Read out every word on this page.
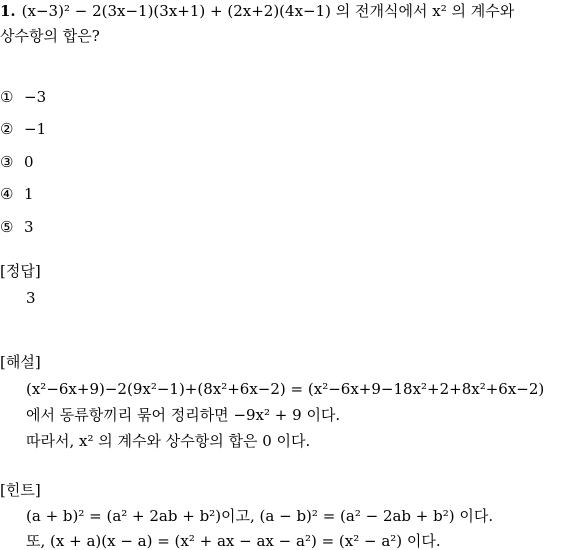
1. (x−3)² − 2(3x−1)(3x+1) + (2x+2)(4x−1) 의 전개식에서 x² 의 계수와
상수항의 합은?
① −3
② −1
③ 0
④ 1
⑤ 3
[정답]
3
[해설]
(x²−6x+9)−2(9x²−1)+(8x²+6x−2) = (x²−6x+9−18x²+2+8x²+6x−2)
에서 동류항끼리 묶어 정리하면 −9x² + 9 이다.
따라서, x² 의 계수와 상수항의 합은 0 이다.
[힌트]
(a + b)² = (a² + 2ab + b²)이고, (a − b)² = (a² − 2ab + b²) 이다.
또, (x + a)(x − a) = (x² + ax − ax − a²) = (x² − a²) 이다.
